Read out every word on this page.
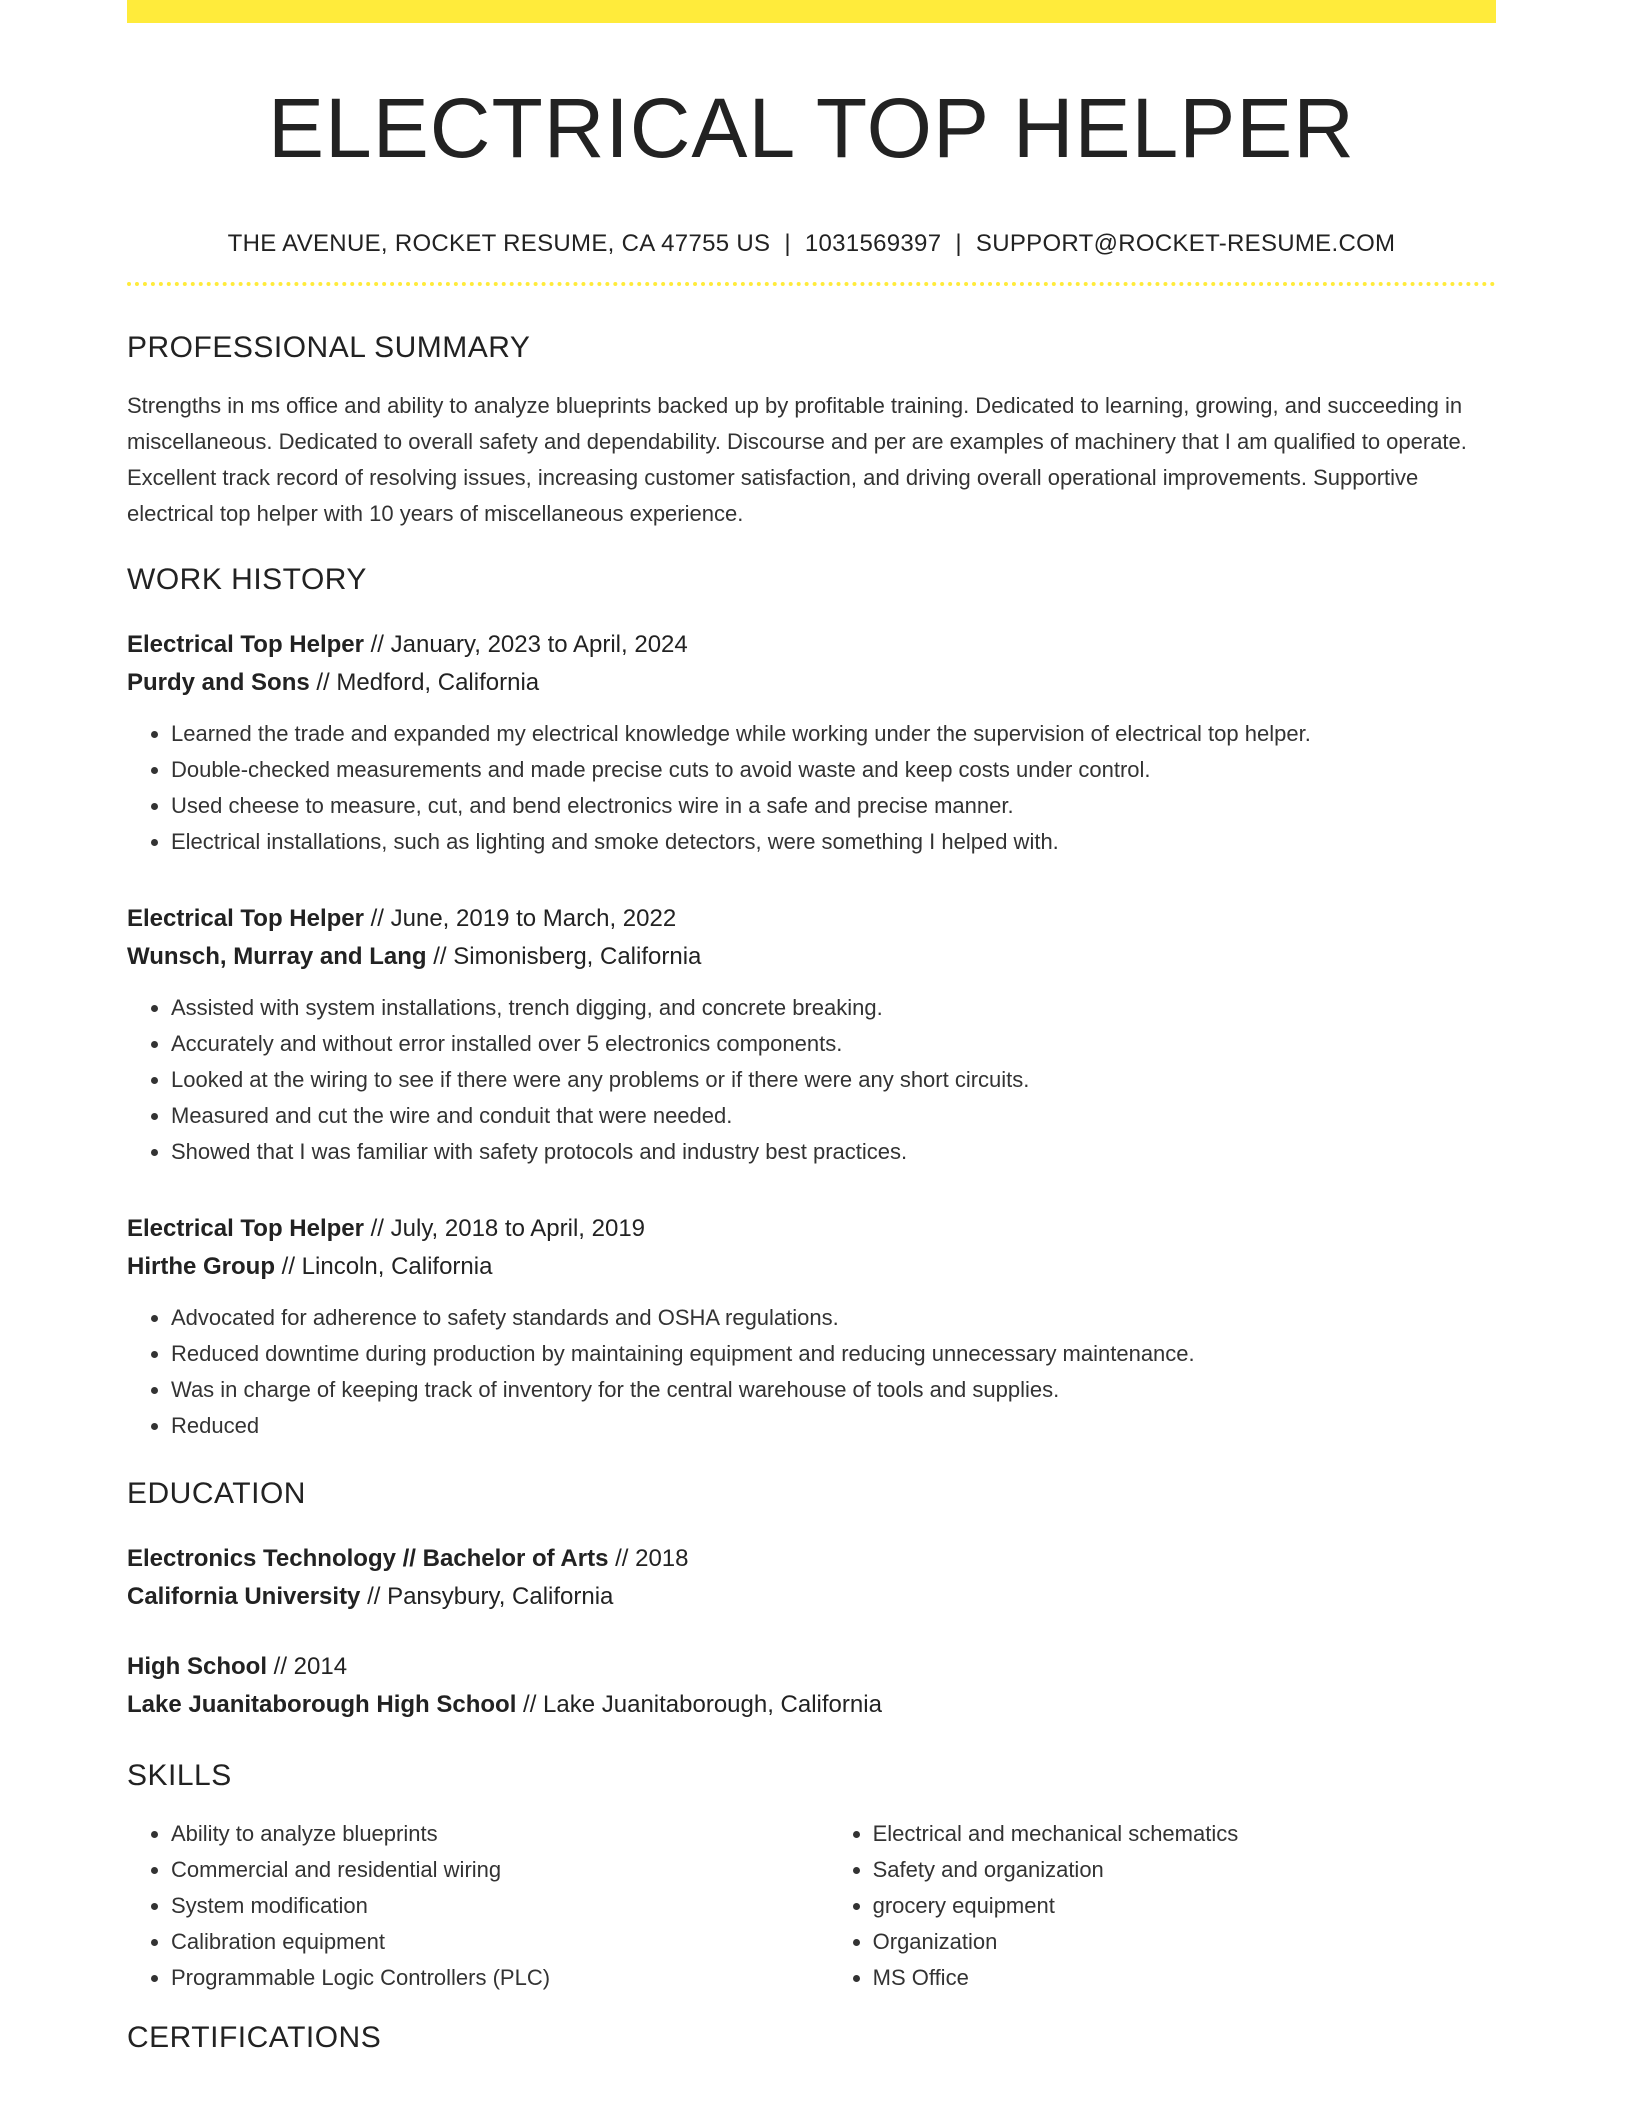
ELECTRICAL TOP HELPER
THE AVENUE, ROCKET RESUME, CA 47755 US | 1031569397 | SUPPORT@ROCKET-RESUME.COM
PROFESSIONAL SUMMARY
Strengths in ms office and ability to analyze blueprints backed up by profitable training. Dedicated to learning, growing, and succeeding in miscellaneous. Dedicated to overall safety and dependability. Discourse and per are examples of machinery that I am qualified to operate. Excellent track record of resolving issues, increasing customer satisfaction, and driving overall operational improvements. Supportive electrical top helper with 10 years of miscellaneous experience.
WORK HISTORY
Electrical Top Helper // January, 2023 to April, 2024
Purdy and Sons // Medford, California
• Learned the trade and expanded my electrical knowledge while working under the supervision of electrical top helper.
• Double-checked measurements and made precise cuts to avoid waste and keep costs under control.
• Used cheese to measure, cut, and bend electronics wire in a safe and precise manner.
• Electrical installations, such as lighting and smoke detectors, were something I helped with.
Electrical Top Helper // June, 2019 to March, 2022
Wunsch, Murray and Lang // Simonisberg, California
• Assisted with system installations, trench digging, and concrete breaking.
• Accurately and without error installed over 5 electronics components.
• Looked at the wiring to see if there were any problems or if there were any short circuits.
• Measured and cut the wire and conduit that were needed.
• Showed that I was familiar with safety protocols and industry best practices.
Electrical Top Helper // July, 2018 to April, 2019
Hirthe Group // Lincoln, California
• Advocated for adherence to safety standards and OSHA regulations.
• Reduced downtime during production by maintaining equipment and reducing unnecessary maintenance.
• Was in charge of keeping track of inventory for the central warehouse of tools and supplies.
• Reduced
EDUCATION
Electronics Technology // Bachelor of Arts // 2018
California University // Pansybury, California
High School // 2014
Lake Juanitaborough High School // Lake Juanitaborough, California
SKILLS
• Ability to analyze blueprints
• Commercial and residential wiring
• System modification
• Calibration equipment
• Programmable Logic Controllers (PLC)
• Electrical and mechanical schematics
• Safety and organization
• grocery equipment
• Organization
• MS Office
CERTIFICATIONS
